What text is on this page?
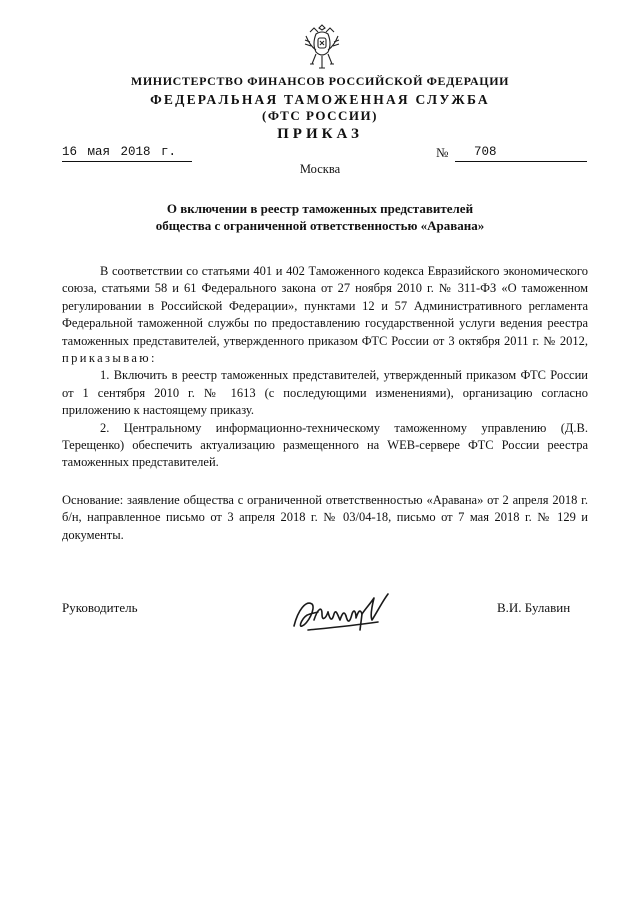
МИНИСТЕРСТВО ФИНАНСОВ РОССИЙСКОЙ ФЕДЕРАЦИИ
ФЕДЕРАЛЬНАЯ ТАМОЖЕННАЯ СЛУЖБА
(ФТС РОССИИ)
ПРИКАЗ
16 мая 2018 г.	№ 708
Москва
О включении в реестр таможенных представителей
общества с ограниченной ответственностью «Аравана»

В соответствии со статьями 401 и 402 Таможенного кодекса Евразийского экономического союза, статьями 58 и 61 Федерального закона от 27 ноября 2010 г. № 311-ФЗ «О таможенном регулировании в Российской Федерации», пунктами 12 и 57 Административного регламента Федеральной таможенной службы по предоставлению государственной услуги ведения реестра таможенных представителей, утвержденного приказом ФТС России от 3 октября 2011 г. № 2012, приказываю:

1. Включить в реестр таможенных представителей, утвержденный приказом ФТС России от 1 сентября 2010 г. № 1613 (с последующими изменениями), организацию согласно приложению к настоящему приказу.

2. Центральному информационно-техническому таможенному управлению (Д.В. Терещенко) обеспечить актуализацию размещенного на WEB-сервере ФТС России реестра таможенных представителей.

Основание: заявление общества с ограниченной ответственностью «Аравана» от 2 апреля 2018 г. б/н, направленное письмо от 3 апреля 2018 г. № 03/04-18, письмо от 7 мая 2018 г. № 129 и документы.
Руководитель	В.И. Булавин
